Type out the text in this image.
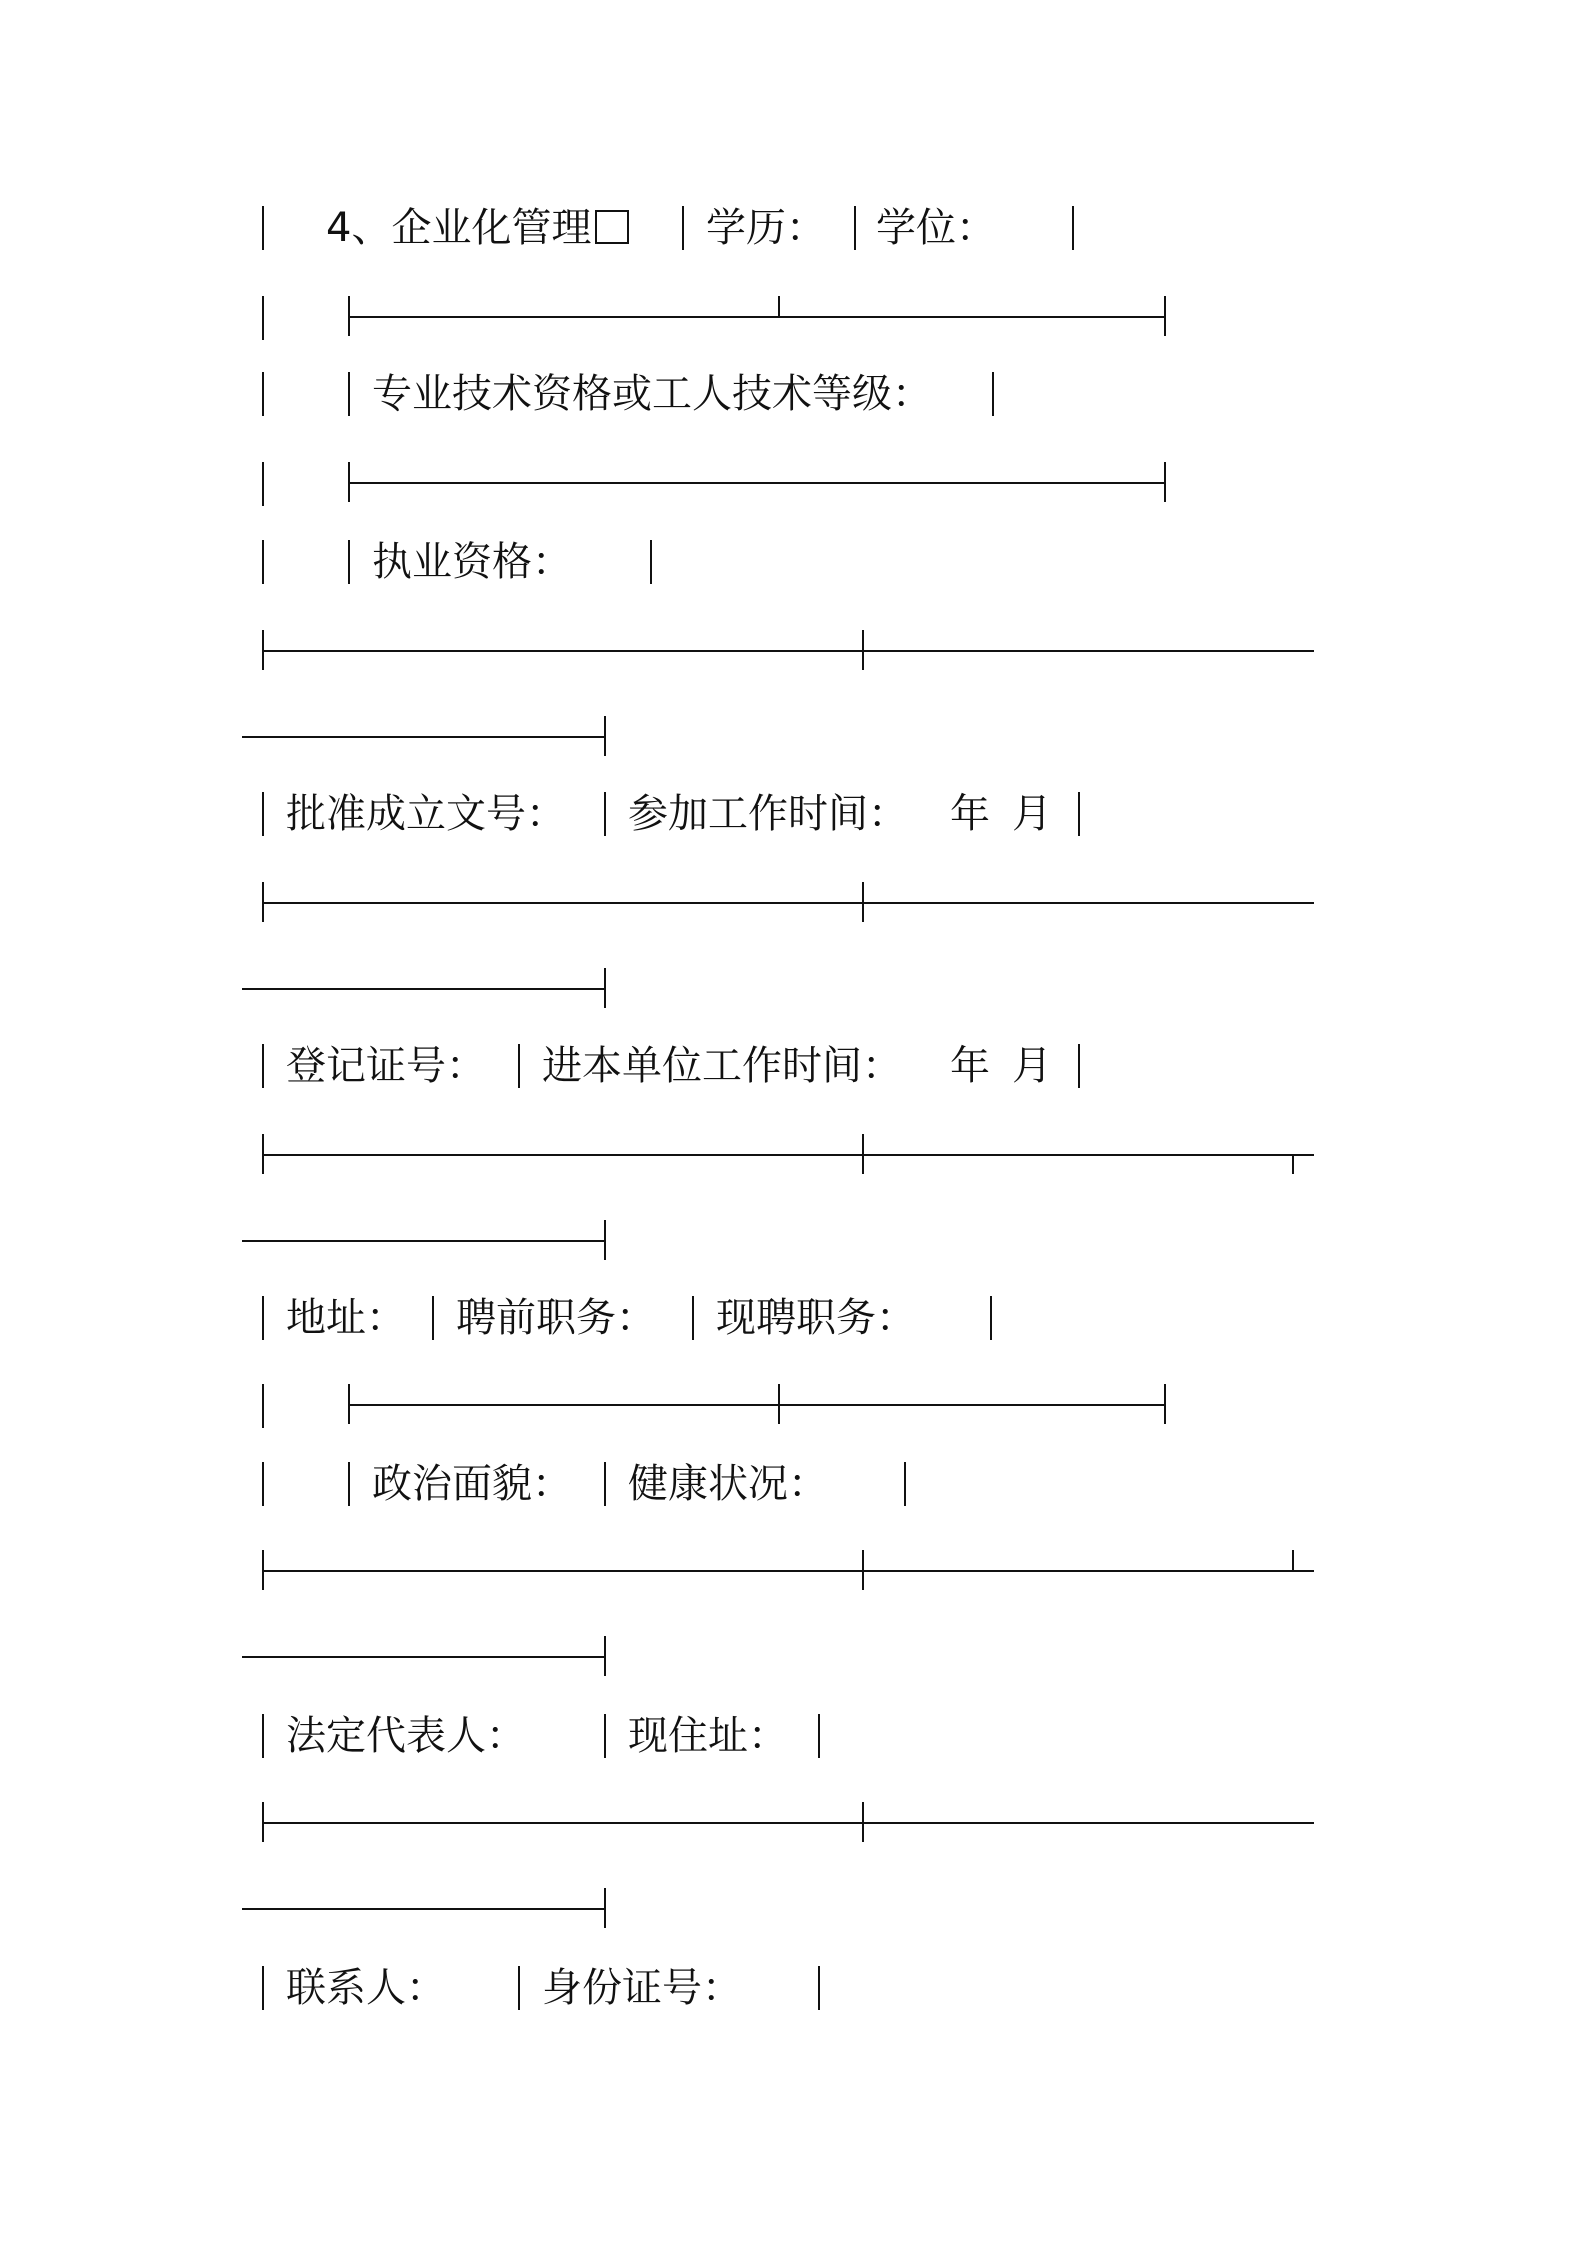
4、企业化管理	学历： 学位：
专业技术资格或工人技术等级：
执业资格：
批准成立文号： 参加工作时间： 年 月
登记证号： 进本单位工作时间： 年 月
地址： 聘前职务： 现聘职务：
政治面貌： 健康状况：
法定代表人：	现住址：
联系人： 身份证号：
